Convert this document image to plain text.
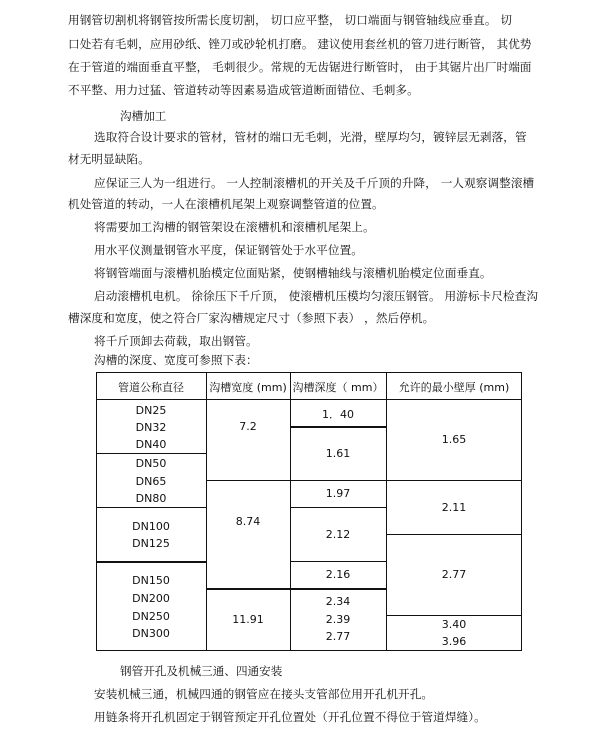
用钢管切割机将钢管按所需长度切割， 切口应平整， 切口端面与钢管轴线应垂直。 切
口处若有毛刺，应用砂纸、锉刀或砂轮机打磨。 建议使用套丝机的管刀进行断管， 其优势
在于管道的端面垂直平整， 毛刺很少。常规的无齿锯进行断管时， 由于其锯片出厂时端面
不平整、用力过猛、管道转动等因素易造成管道断面错位、毛刺多。
沟槽加工
选取符合设计要求的管材，管材的端口无毛刺，光滑，壁厚均匀，镀锌层无剥落，管
材无明显缺陷。
应保证三人为一组进行。 一人控制滚槽机的开关及千斤顶的升降， 一人观察调整滚槽
机处管道的转动，一人在滚槽机尾架上观察调整管道的位置。
将需要加工沟槽的钢管架设在滚槽机和滚槽机尾架上。
用水平仪测量钢管水平度，保证钢管处于水平位置。
将钢管端面与滚槽机胎模定位面贴紧，使钢槽轴线与滚槽机胎模定位面垂直。
启动滚槽机电机。 徐徐压下千斤顶， 使滚槽机压模均匀滚压钢管。 用游标卡尺检查沟
槽深度和宽度，使之符合厂家沟槽规定尺寸（参照下表） ，然后停机。
将千斤顶卸去荷载，取出钢管。
沟槽的深度、宽度可参照下表：
管道公称直径	沟槽宽度 (mm) 沟槽深度（ mm）	允许的最小壁厚 (mm)
DN25
DN32
DN40
DN50
DN65
DN80
DN100
DN125
DN150
DN200
DN250
DN300
7.2
8.74
11.91
1．40
1.61
1.97
2.12
2.16
2.34
2.39
2.77
1.65
2.11
2.77
3.40
3.96
钢管开孔及机械三通、四通安装
安装机械三通，机械四通的钢管应在接头支管部位用开孔机开孔。
用链条将开孔机固定于钢管预定开孔位置处（开孔位置不得位于管道焊缝）。
